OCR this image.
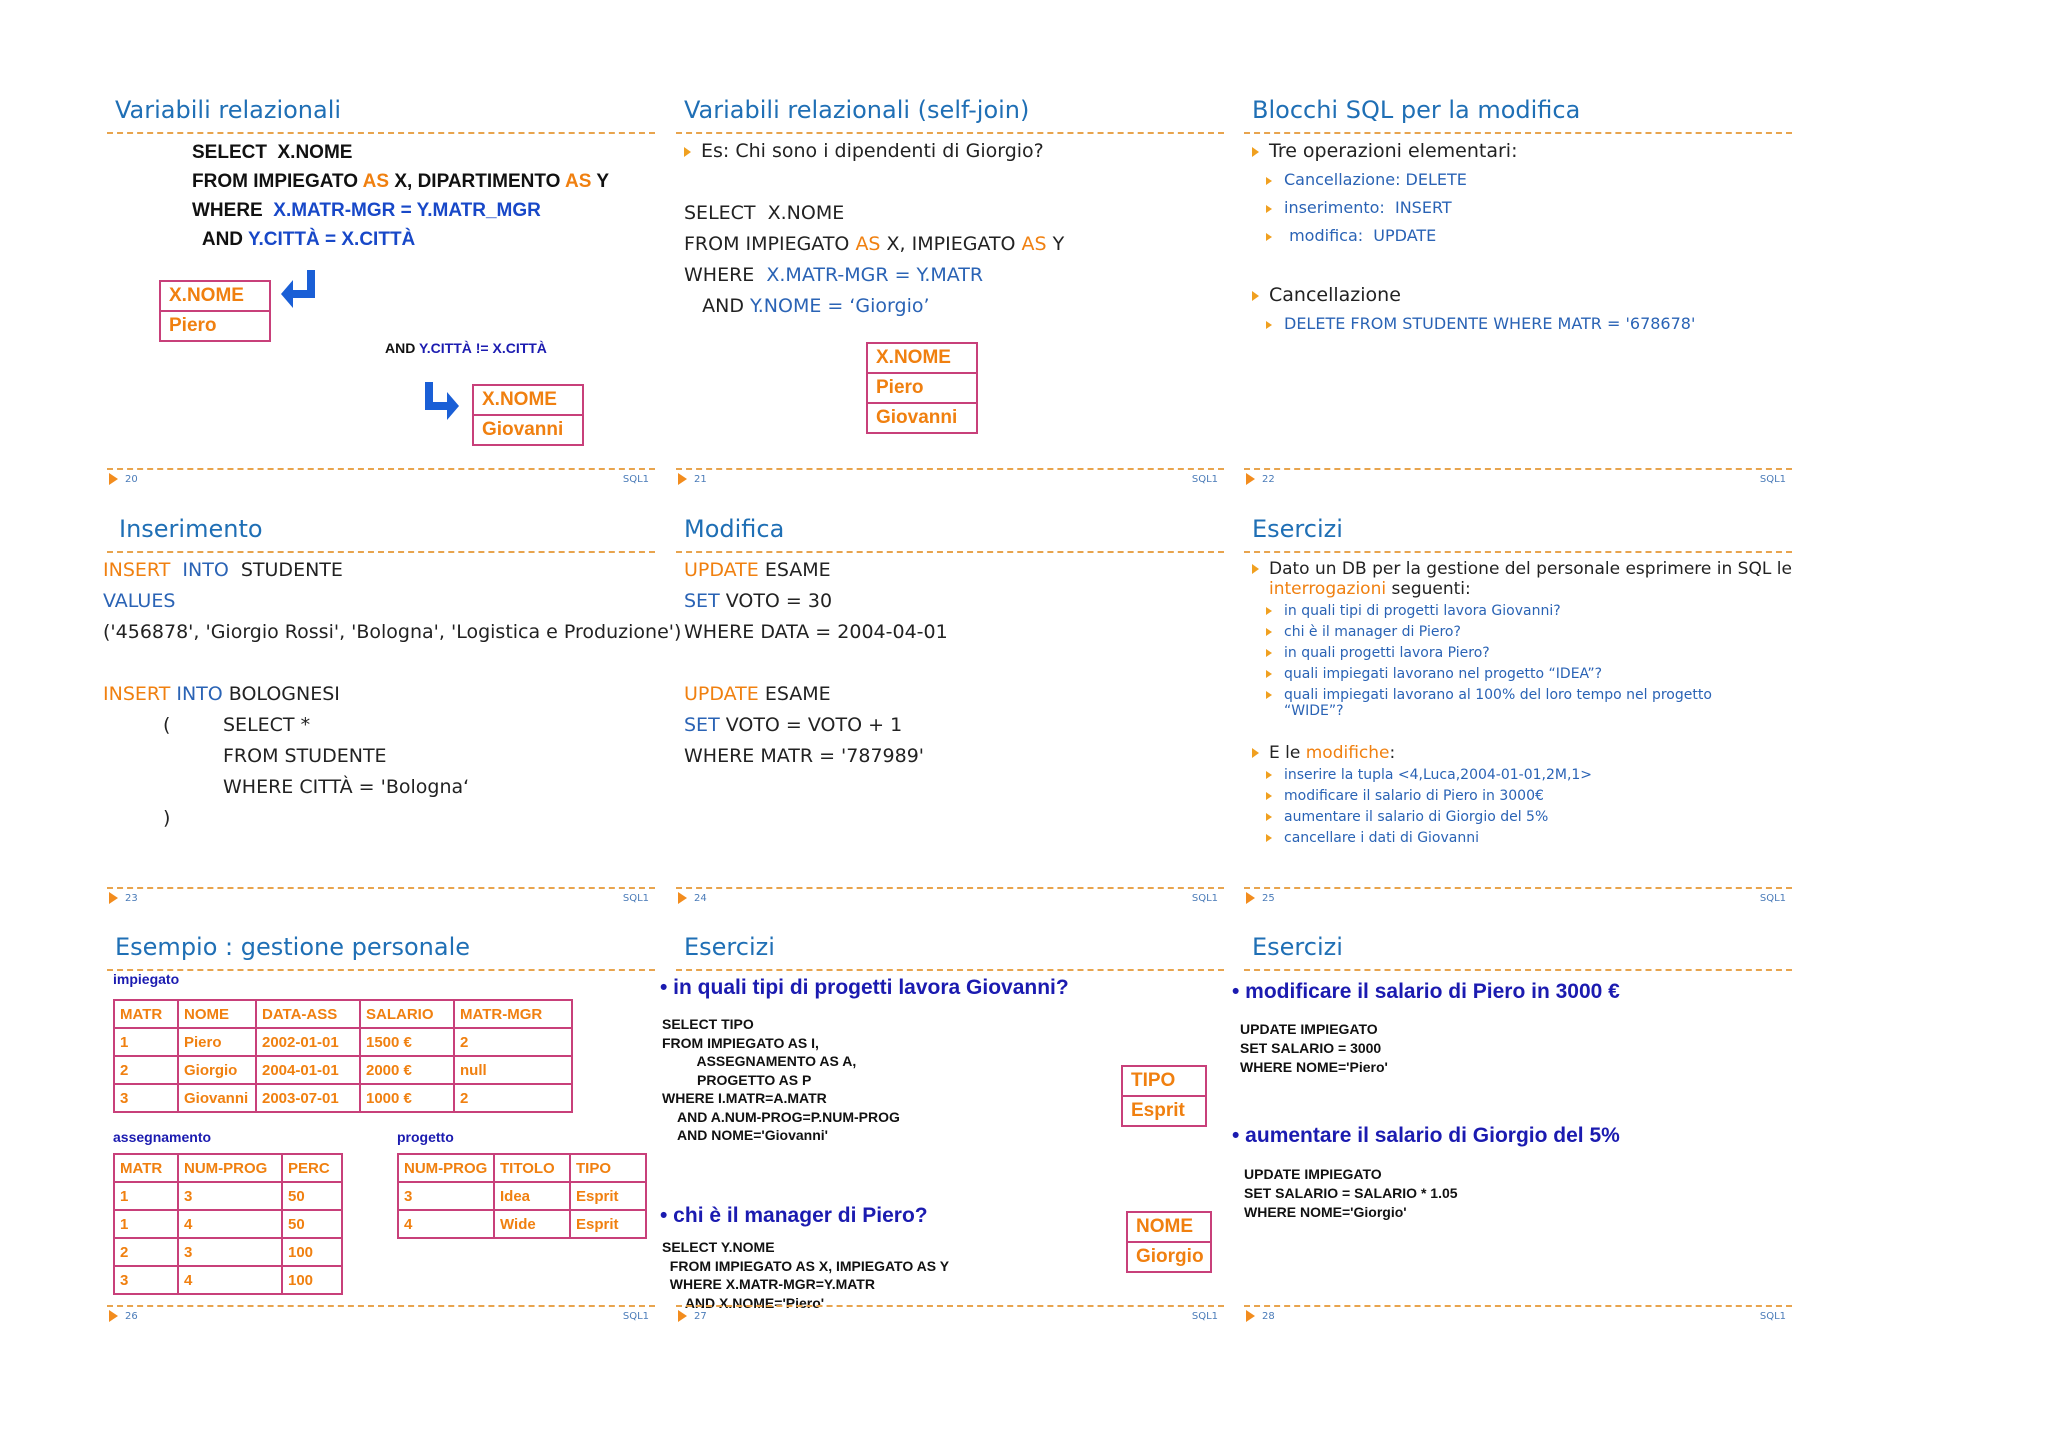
Variabili relazionali
SELECT  X.NOME
FROM IMPIEGATO AS X, DIPARTIMENTO AS Y
WHERE  X.MATR-MGR = Y.MATR_MGR
AND Y.CITTÀ = X.CITTÀ
X.NOME
Piero
AND Y.CITTÀ != X.CITTÀ
X.NOME
Giovanni
20	SQL1
Variabili relazionali (self-join)
Es: Chi sono i dipendenti di Giorgio?
SELECT  X.NOME
FROM IMPIEGATO AS X, IMPIEGATO AS Y
WHERE  X.MATR-MGR = Y.MATR
AND Y.NOME = ‘Giorgio’
X.NOME
Piero
Giovanni
21	SQL1
Blocchi SQL per la modifica
Tre operazioni elementari:
Cancellazione: DELETE
inserimento:  INSERT
modifica:  UPDATE
Cancellazione
DELETE FROM STUDENTE WHERE MATR = '678678'
22	SQL1
Inserimento
INSERT  INTO  STUDENTE
VALUES
('456878', 'Giorgio Rossi', 'Bologna', 'Logistica e Produzione')
INSERT INTO BOLOGNESI
(	SELECT *
FROM STUDENTE
WHERE CITTÀ = 'Bologna‘
)
23	SQL1
Modifica
UPDATE ESAME
SET VOTO = 30
WHERE DATA = 2004-04-01
UPDATE ESAME
SET VOTO = VOTO + 1
WHERE MATR = '787989'
24	SQL1
Esercizi
Dato un DB per la gestione del personale esprimere in SQL le
interrogazioni seguenti:
in quali tipi di progetti lavora Giovanni?
chi è il manager di Piero?
in quali progetti lavora Piero?
quali impiegati lavorano nel progetto “IDEA”?
quali impiegati lavorano al 100% del loro tempo nel progetto
“WIDE”?
E le modifiche:
inserire la tupla <4,Luca,2004-01-01,2M,1>
modificare il salario di Piero in 3000€
aumentare il salario di Giorgio del 5%
cancellare i dati di Giovanni
25	SQL1
Esempio : gestione personale
impiegato
MATR	NOME	DATA-ASS	SALARIO	MATR-MGR
1	Piero	2002-01-01	1500 €	2
2	Giorgio	2004-01-01	2000 €	null
3	Giovanni	2003-07-01	1000 €	2
assegnamento
MATR	NUM-PROG	PERC
1	3	50
1	4	50
2	3	100
3	4	100
progetto
NUM-PROG	TITOLO	TIPO
3	Idea	Esprit
4	Wide	Esprit
26	SQL1
Esercizi
• in quali tipi di progetti lavora Giovanni?
SELECT TIPO
FROM IMPIEGATO AS I,
ASSEGNAMENTO AS A,
PROGETTO AS P
WHERE I.MATR=A.MATR
AND A.NUM-PROG=P.NUM-PROG
AND NOME='Giovanni'
TIPO
Esprit
• chi è il manager di Piero?
SELECT Y.NOME
FROM IMPIEGATO AS X, IMPIEGATO AS Y
WHERE X.MATR-MGR=Y.MATR
AND X.NOME='Piero'
NOME
Giorgio
27	SQL1
Esercizi
• modificare il salario di Piero in 3000 €
UPDATE IMPIEGATO
SET SALARIO = 3000
WHERE NOME='Piero'
• aumentare il salario di Giorgio del 5%
UPDATE IMPIEGATO
SET SALARIO = SALARIO * 1.05
WHERE NOME='Giorgio'
28	SQL1
